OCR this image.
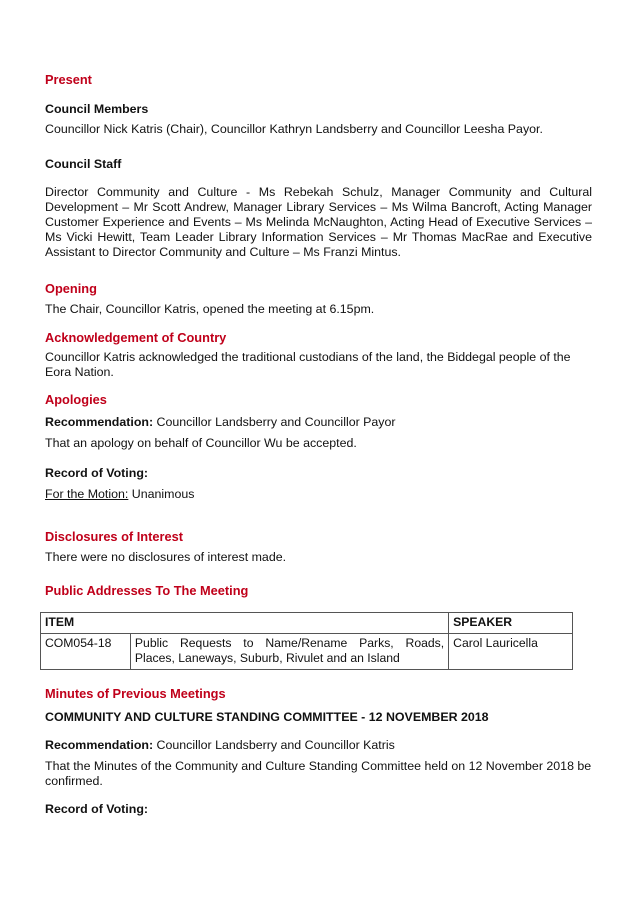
Present

Council Members

Councillor Nick Katris (Chair), Councillor Kathryn Landsberry and Councillor Leesha Payor.

Council Staff

Director Community and Culture - Ms Rebekah Schulz, Manager Community and Cultural Development – Mr Scott Andrew, Manager Library Services – Ms Wilma Bancroft, Acting Manager Customer Experience and Events – Ms Melinda McNaughton, Acting Head of Executive Services – Ms Vicki Hewitt, Team Leader Library Information Services – Mr Thomas MacRae and Executive Assistant to Director Community and Culture – Ms Franzi Mintus.

Opening

The Chair, Councillor Katris, opened the meeting at 6.15pm.

Acknowledgement of Country

Councillor Katris acknowledged the traditional custodians of the land, the Biddegal people of the Eora Nation.

Apologies

Recommendation: Councillor Landsberry and Councillor Payor

That an apology on behalf of Councillor Wu be accepted.

Record of Voting:

For the Motion: Unanimous

Disclosures of Interest

There were no disclosures of interest made.

Public Addresses To The Meeting

ITEM		SPEAKER
COM054-18	Public Requests to Name/Rename Parks, Roads, Places, Laneways, Suburb, Rivulet and an Island	Carol Lauricella

Minutes of Previous Meetings

COMMUNITY AND CULTURE STANDING COMMITTEE - 12 NOVEMBER 2018

Recommendation: Councillor Landsberry and Councillor Katris

That the Minutes of the Community and Culture Standing Committee held on 12 November 2018 be confirmed.

Record of Voting:
